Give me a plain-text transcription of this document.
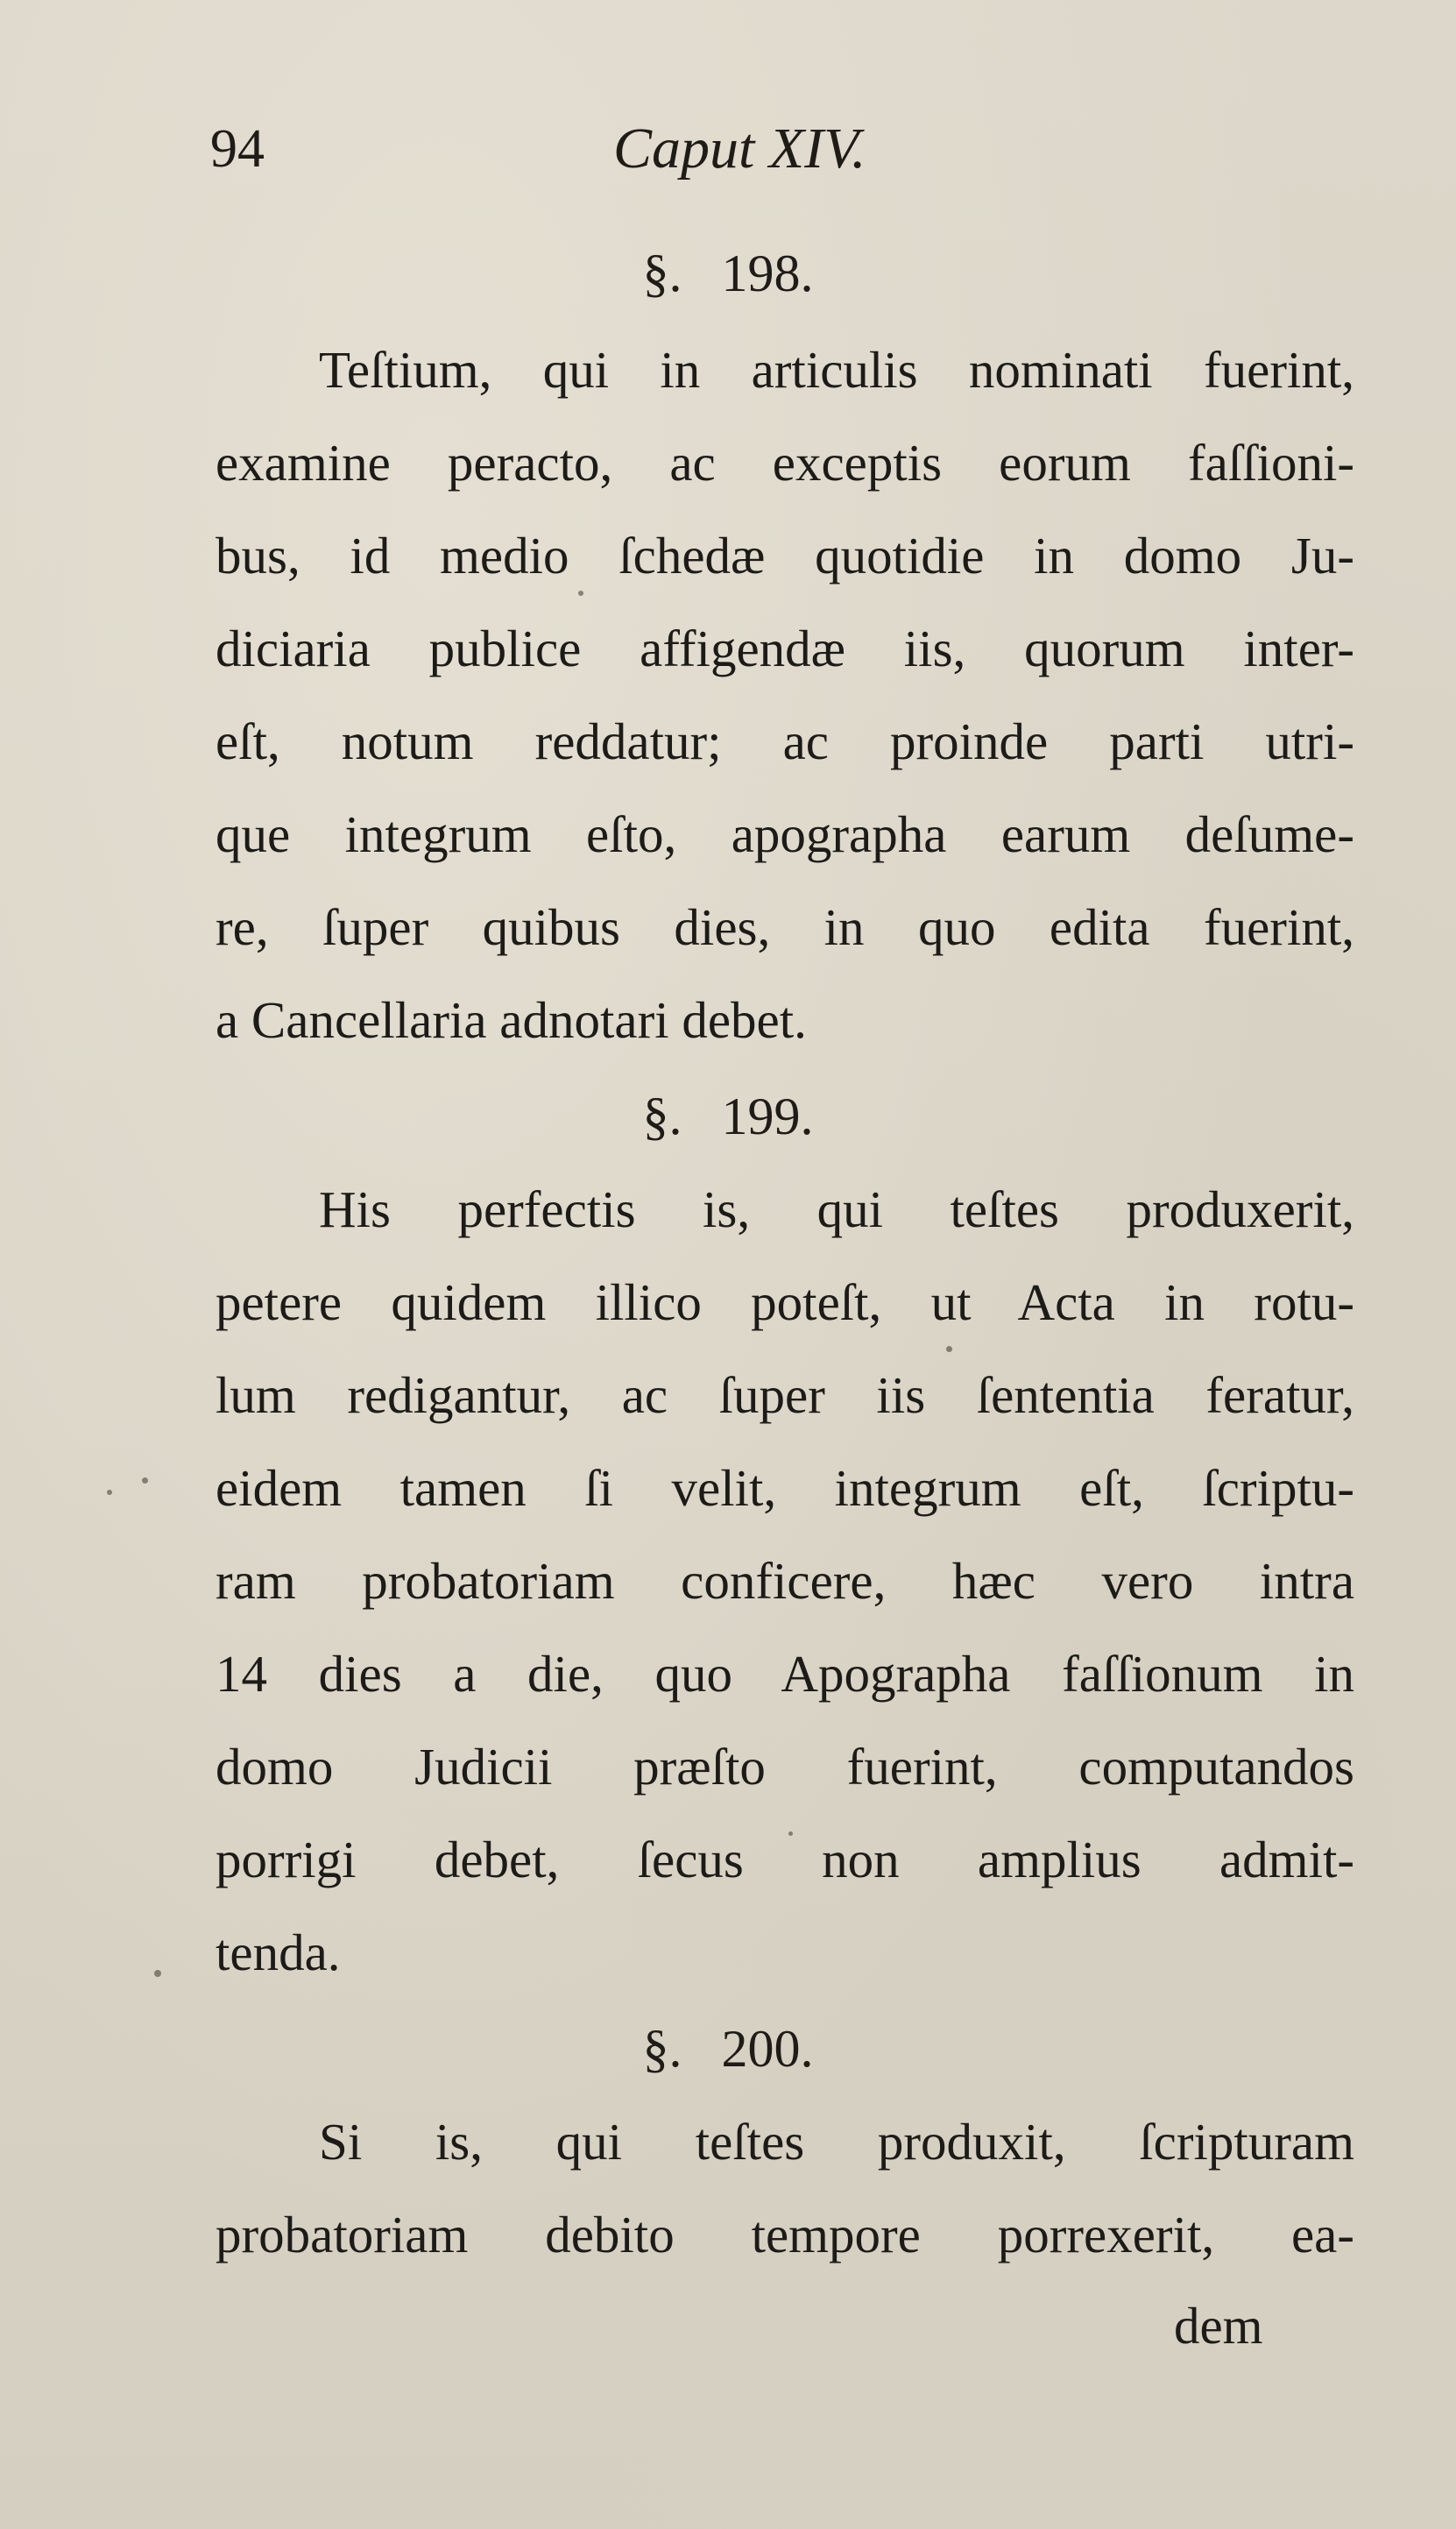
94	Caput XIV.
§. 198.
Teſtium, qui in articulis nominati fuerint,
examine peracto, ac exceptis eorum faſſioni-
bus, id medio ſchedæ quotidie in domo Ju-
diciaria publice affigendæ iis, quorum inter-
eſt, notum reddatur; ac proinde parti utri-
que integrum eſto, apographa earum deſume-
re, ſuper quibus dies, in quo edita fuerint,
a Cancellaria adnotari debet.
§. 199.
His perfectis is, qui teſtes produxerit,
petere quidem illico poteſt, ut Acta in rotu-
lum redigantur, ac ſuper iis ſententia feratur,
eidem tamen ſi velit, integrum eſt, ſcriptu-
ram probatoriam conficere, hæc vero intra
14 dies a die, quo Apographa faſſionum in
domo Judicii præſto fuerint, computandos
porrigi debet, ſecus non amplius admit-
tenda.
§. 200.
Si is, qui teſtes produxit, ſcripturam
probatoriam debito tempore porrexerit, ea-
dem
